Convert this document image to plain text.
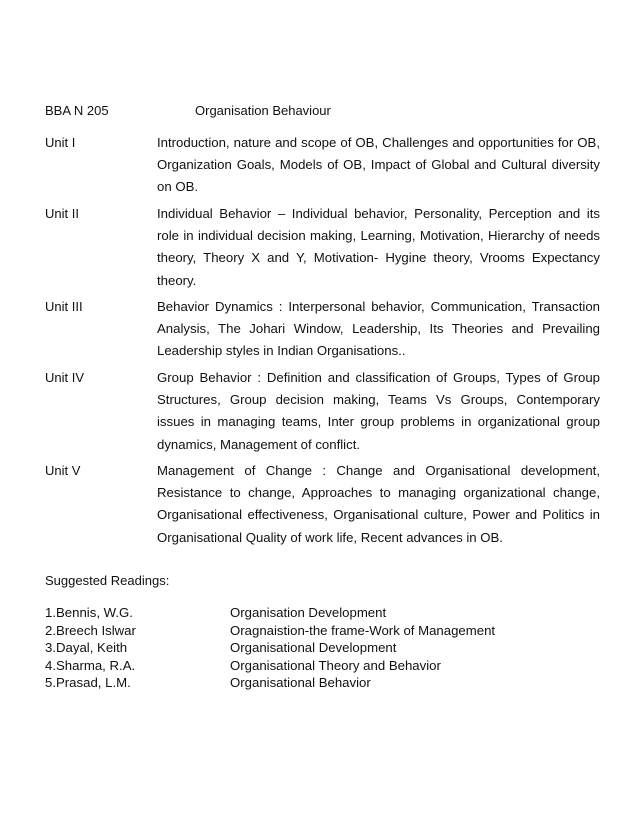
BBA N 205	Organisation Behaviour
Unit I	Introduction, nature and scope of OB, Challenges and opportunities for OB, Organization Goals, Models of OB, Impact of Global and Cultural diversity on OB.
Unit II	Individual Behavior – Individual behavior, Personality, Perception and its role in individual decision making, Learning, Motivation, Hierarchy of needs theory, Theory X and Y, Motivation- Hygine theory, Vrooms Expectancy theory.
Unit III	Behavior Dynamics : Interpersonal behavior, Communication, Transaction Analysis, The Johari Window, Leadership, Its Theories and Prevailing Leadership styles in Indian Organisations..
Unit IV	Group Behavior : Definition and classification of Groups, Types of Group Structures, Group decision making, Teams Vs Groups, Contemporary issues in managing teams, Inter group problems in organizational group dynamics, Management of conflict.
Unit V	Management of Change : Change and Organisational development, Resistance to change, Approaches to managing organizational change, Organisational effectiveness, Organisational culture, Power and Politics in Organisational Quality of work life, Recent advances in OB.
Suggested Readings:
1.Bennis, W.G.	Organisation Development
2.Breech Islwar	Oragnaistion-the frame-Work of Management
3.Dayal, Keith	Organisational Development
4.Sharma, R.A.	Organisational Theory and Behavior
5.Prasad, L.M.	Organisational Behavior
